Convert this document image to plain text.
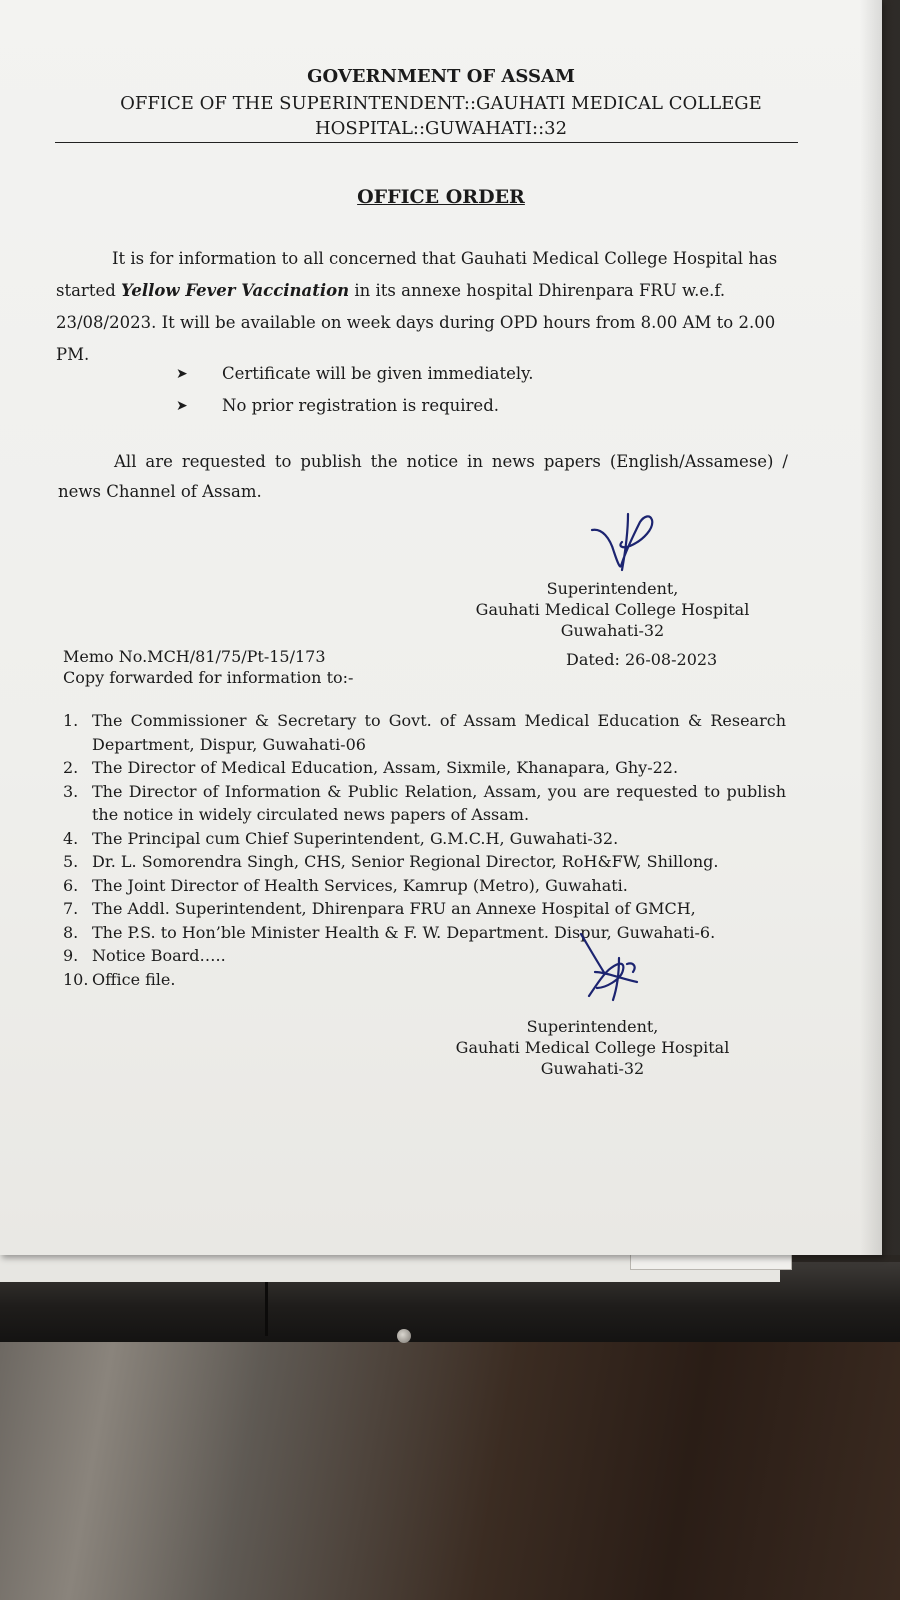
GOVERNMENT OF ASSAM
OFFICE OF THE SUPERINTENDENT::GAUHATI MEDICAL COLLEGE
HOSPITAL::GUWAHATI::32
OFFICE ORDER
It is for information to all concerned that Gauhati Medical College Hospital has started Yellow Fever Vaccination in its annexe hospital Dhirenpara FRU w.e.f. 23/08/2023. It will be available on week days during OPD hours from 8.00 AM to 2.00 PM.
➤	Certificate will be given immediately.
➤	No prior registration is required.
All are requested to publish the notice in news papers (English/Assamese) / news Channel of Assam.
Superintendent,
Gauhati Medical College Hospital
Guwahati-32
Memo No.MCH/81/75/Pt-15/173
Copy forwarded for information to:-
Dated: 26-08-2023
1. The Commissioner & Secretary to Govt. of Assam Medical Education & Research Department, Dispur, Guwahati-06
2. The Director of Medical Education, Assam, Sixmile, Khanapara, Ghy-22.
3. The Director of Information & Public Relation, Assam, you are requested to publish the notice in widely circulated news papers of Assam.
4. The Principal cum Chief Superintendent, G.M.C.H, Guwahati-32.
5. Dr. L. Somorendra Singh, CHS, Senior Regional Director, RoH&FW, Shillong.
6. The Joint Director of Health Services, Kamrup (Metro), Guwahati.
7. The Addl. Superintendent, Dhirenpara FRU an Annexe Hospital of GMCH,
8. The P.S. to Hon’ble Minister Health & F. W. Department. Dispur, Guwahati-6.
9. Notice Board…..
10. Office file.
Superintendent,
Gauhati Medical College Hospital
Guwahati-32
